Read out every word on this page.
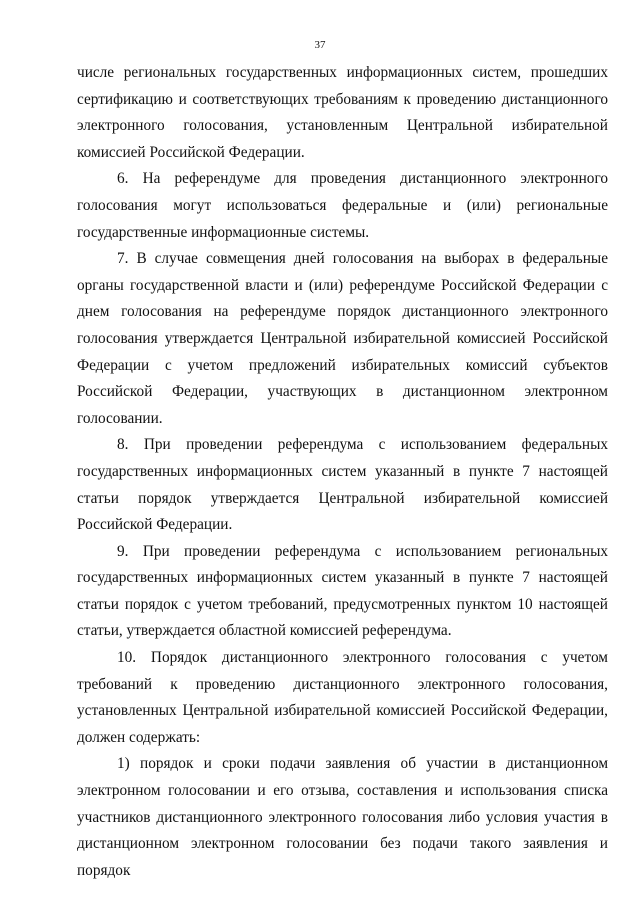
37

числе региональных государственных информационных систем, прошедших сертификацию и соответствующих требованиям к проведению дистанционного электронного голосования, установленным Центральной избирательной комиссией Российской Федерации.

6. На референдуме для проведения дистанционного электронного голосования могут использоваться федеральные и (или) региональные государственные информационные системы.

7. В случае совмещения дней голосования на выборах в федеральные органы государственной власти и (или) референдуме Российской Федерации с днем голосования на референдуме порядок дистанционного электронного голосования утверждается Центральной избирательной комиссией Российской Федерации с учетом предложений избирательных комиссий субъектов Российской Федерации, участвующих в дистанционном электронном голосовании.

8. При проведении референдума с использованием федеральных государственных информационных систем указанный в пункте 7 настоящей статьи порядок утверждается Центральной избирательной комиссией Российской Федерации.

9. При проведении референдума с использованием региональных государственных информационных систем указанный в пункте 7 настоящей статьи порядок с учетом требований, предусмотренных пунктом 10 настоящей статьи, утверждается областной комиссией референдума.

10. Порядок дистанционного электронного голосования с учетом требований к проведению дистанционного электронного голосования, установленных Центральной избирательной комиссией Российской Федерации, должен содержать:

1) порядок и сроки подачи заявления об участии в дистанционном электронном голосовании и его отзыва, составления и использования списка участников дистанционного электронного голосования либо условия участия в дистанционном электронном голосовании без подачи такого заявления и порядок
